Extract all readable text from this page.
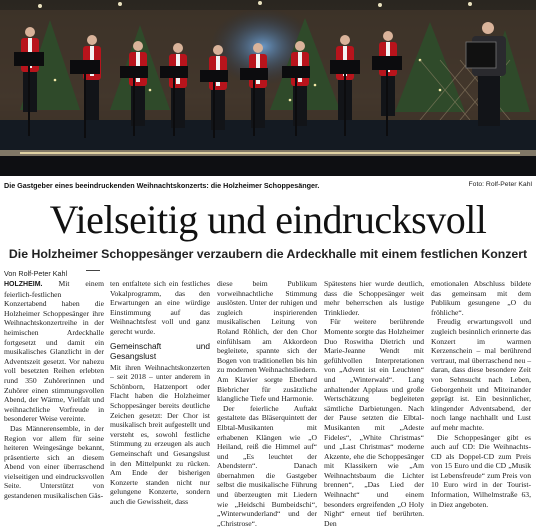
Die Gastgeber eines beeindruckenden Weihnachtskonzerts: die Holzheimer Schoppesänger.	Foto: Rolf-Peter Kahl
Vielseitig und eindrucksvoll
Die Holzheimer Schoppesänger verzaubern die Ardeckhalle mit einem festlichen Konzert
Von Rolf-Peter Kahl

HOLZHEIM. Mit einem feierlich-festlichen Konzertabend haben die Holzheimer Schoppesänger ihre Weihnachtskonzertreihe in der heimischen Ardeckhalle fortgesetzt und damit ein musikalisches Glanzlicht in der Adventszeit gesetzt. Vor nahezu voll besetzten Reihen erlebten rund 350 Zuhörerinnen und Zuhörer einen stimmungsvollen Abend, der Wärme, Vielfalt und weihnachtliche Vorfreude in besonderer Weise vereinte.

Das Männerensemble, in der Region vor allem für seine heiteren Weingesänge bekannt, präsentierte sich an diesem Abend von einer überraschend vielseitigen und eindrucksvollen Seite. Unterstützt von gestandenen musikalischen Gäs-

ten entfaltete sich ein festliches Vokalprogramm, das den Erwartungen an eine würdige Einstimmung auf das Weihnachtsfest voll und ganz gerecht wurde.

Gemeinschaft und Gesangslust

Mit ihren Weihnachtskonzerten – seit 2018 – unter anderem in Schönborn, Hatzenport oder Flacht haben die Holzheimer Schoppesänger bereits deutliche Zeichen gesetzt: Der Chor ist musikalisch breit aufgestellt und versteht es, sowohl festliche Stimmung zu erzeugen als auch Gemeinschaft und Gesangslust in den Mittelpunkt zu rücken. Am Ende der bisherigen Konzerte standen nicht nur gelungene Konzerte, sondern auch die Gewissheit, dass

diese beim Publikum vorweihnachtliche Stimmung auslösten. Unter der ruhigen und zugleich inspirierenden musikalischen Leitung von Roland Röhlich, der den Chor einfühlsam am Akkordeon begleitete, spannte sich der Bogen von traditionellen bis hin zu modernen Weihnachtsliedern. Am Klavier sorgte Eberhard Biebricher für zusätzliche klangliche Tiefe und Harmonie.

Der feierliche Auftakt gestaltete das Bläserquintett der Elbtal-Musikanten mit erhabenen Klängen wie „O Heiland, reiß die Himmel auf“ und „Es leuchtet der Abendstern“. Danach übernahmen die Gastgeber selbst die musikalische Führung und überzeugten mit Liedern wie „Heidschi Bumbeidschi“, „Winterwunderland“ und der „Christrose“.

Spätestens hier wurde deutlich, dass die Schoppesänger weit mehr beherrschen als lustige Trinklieder.

Für weitere berührende Momente sorgte das Holzheimer Duo Roswitha Dietrich und Marie-Jeanne Wendt mit gefühlvollen Interpretationen von „Advent ist ein Leuchten“ und „Winterwald“. Lang anhaltender Applaus und große Wertschätzung begleiteten sämtliche Darbietungen. Nach der Pause setzten die Elbtal-Musikanten mit „Adeste Fideles“, „White Christmas“ und „Last Christmas“ moderne Akzente, ehe die Schoppesänger mit Klassikern wie „Am Weihnachtsbaum die Lichter brennen“, „Das Lied der Weihnacht“ und einem besonders ergreifenden „O Holy Night“ erneut tief berührten. Den

emotionalen Abschluss bildete das gemeinsam mit dem Publikum gesungene „O du fröhliche“.

Freudig erwartungsvoll und zugleich besinnlich erinnerte das Konzert im warmen Kerzenschein – mal berührend vertraut, mal überraschend neu – daran, dass diese besondere Zeit von Sehnsucht nach Leben, Geborgenheit und Miteinander geprägt ist. Ein besinnlicher, klingender Adventsabend, der noch lange nachhallt und Lust auf mehr machte.

Die Schoppesänger gibt es auch auf CD: Die Weihnachts-CD als Doppel-CD zum Preis von 15 Euro und die CD „Musik ist Lebensfreude“ zum Preis von 10 Euro wird in der Tourist-Information, Wilhelmstraße 63, in Diez angeboten.
